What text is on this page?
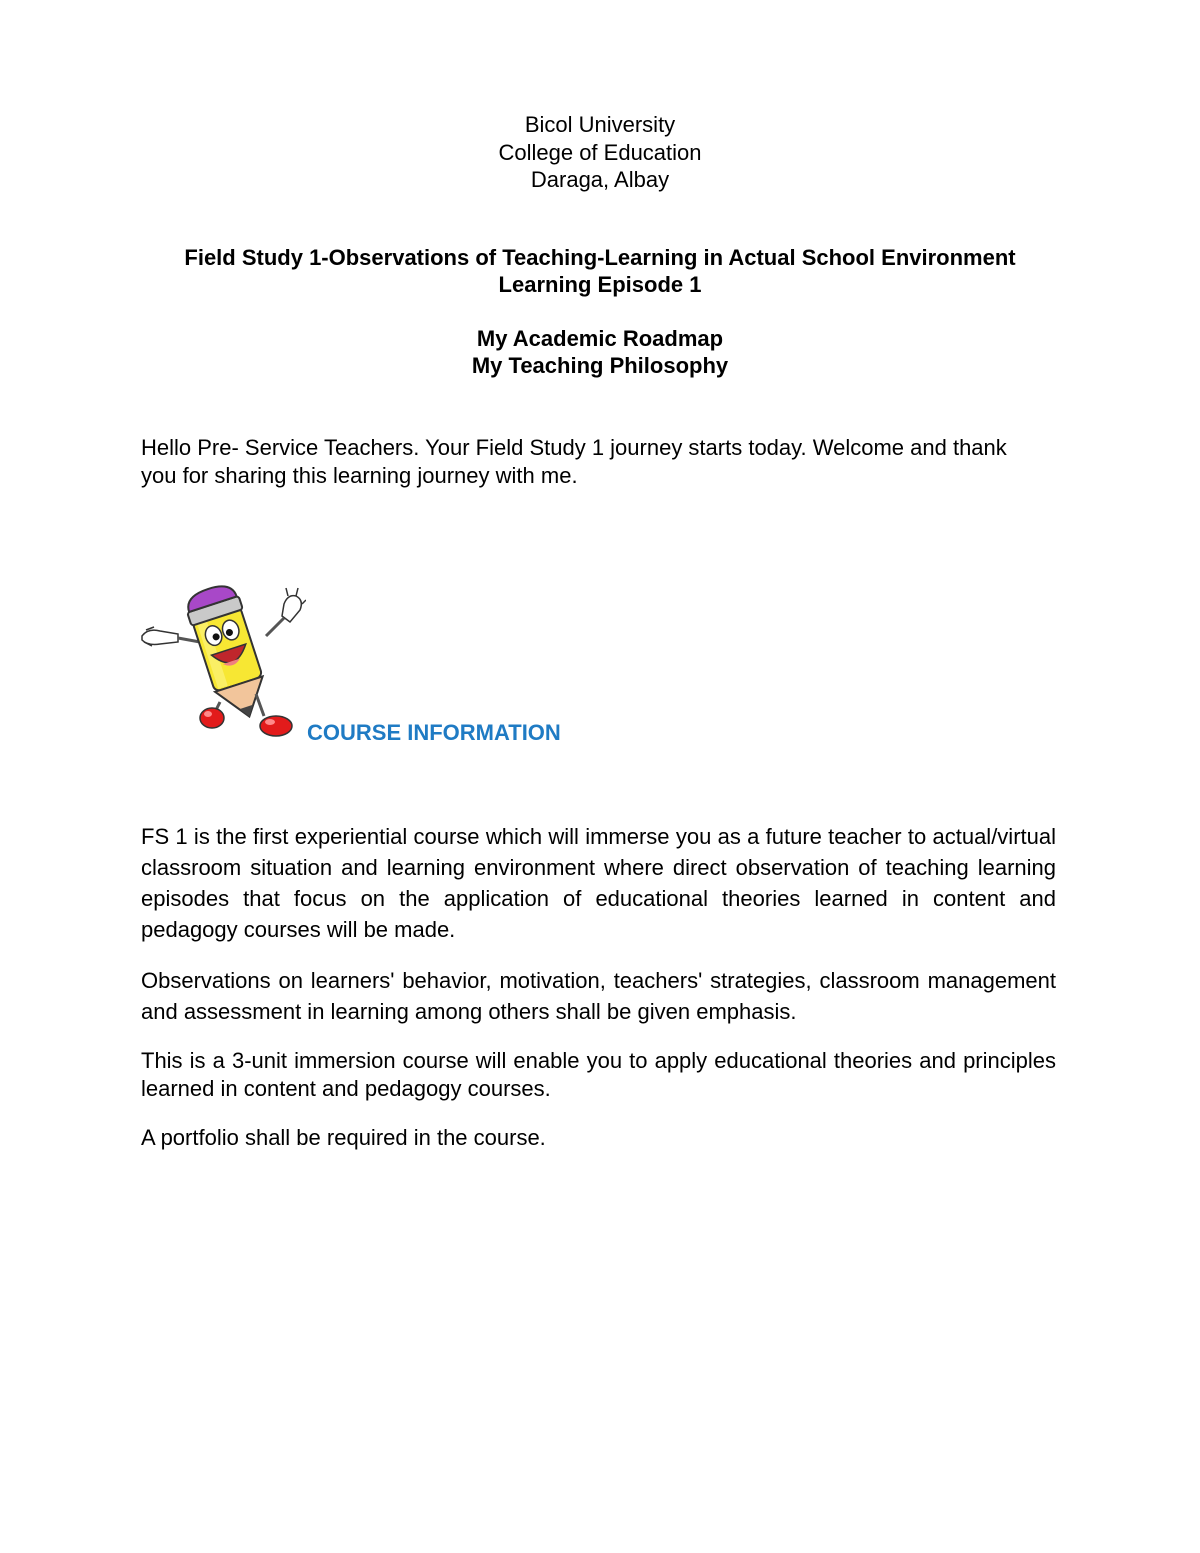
Bicol University
College of Education
Daraga, Albay
Field Study 1-Observations of Teaching-Learning in Actual School Environment
Learning Episode 1
My Academic Roadmap
My Teaching Philosophy
Hello Pre- Service Teachers. Your Field Study 1 journey starts today. Welcome and thank you for sharing this learning journey with me.
COURSE INFORMATION
FS 1 is the first experiential course which will immerse you as a future teacher to actual/virtual classroom situation and learning environment where direct observation of teaching learning episodes that focus on the application of educational theories learned in content and pedagogy courses will be made.
Observations on learners' behavior, motivation, teachers' strategies, classroom management and assessment in learning among others shall be given emphasis.
This is a 3-unit immersion course will enable you to apply educational theories and principles learned in content and pedagogy courses.
A portfolio shall be required in the course.
